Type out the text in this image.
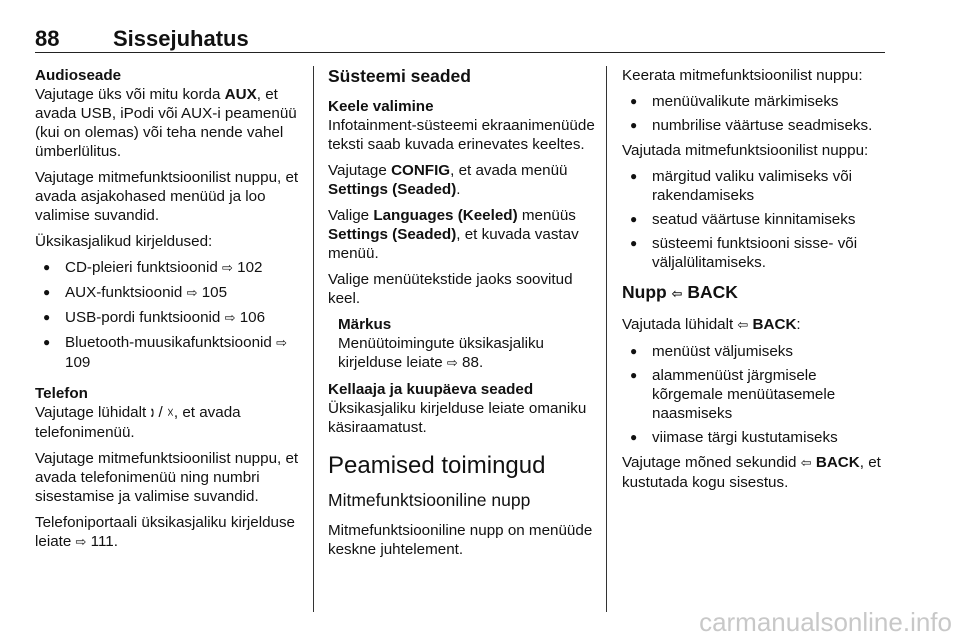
88 Sissejuhatus

Audioseade

Vajutage üks või mitu korda AUX, et avada USB, iPodi või AUX-i peamenüü (kui on olemas) või teha nende vahel ümberlülitus.

Vajutage mitmefunktsioonilist nuppu, et avada asjakohased menüüd ja loo valimise suvandid.

Üksikasjalikud kirjeldused:

● CD-pleieri funktsioonid ⇨ 102
● AUX-funktsioonid ⇨ 105
● USB-pordi funktsioonid ⇨ 106
● Bluetooth-muusikafunktsioonid ⇨ 109

Telefon

Vajutage lühidalt 🕽 / ☓, et avada telefonimenüü.

Vajutage mitmefunktsioonilist nuppu, et avada telefonimenüü ning numbri sisestamise ja valimise suvandid.

Telefoniportaali üksikasjaliku kirjelduse leiate ⇨ 111.

Süsteemi seaded

Keele valimine

Infotainment-süsteemi ekraanimenüüde teksti saab kuvada erinevates keeltes.

Vajutage CONFIG, et avada menüü Settings (Seaded).

Valige Languages (Keeled) menüüs Settings (Seaded), et kuvada vastav menüü.

Valige menüütekstide jaoks soovitud keel.

Märkus
Menüütoimingute üksikasjaliku kirjelduse leiate ⇨ 88.

Kellaaja ja kuupäeva seaded

Üksikasjaliku kirjelduse leiate omaniku käsiraamatust.

Peamised toimingud

Mitmefunktsiooniline nupp

Mitmefunktsiooniline nupp on menüüde keskne juhtelement.

Keerata mitmefunktsioonilist nuppu:

● menüüvalikute märkimiseks
● numbrilise väärtuse seadmiseks.

Vajutada mitmefunktsioonilist nuppu:

● märgitud valiku valimiseks või rakendamiseks
● seatud väärtuse kinnitamiseks
● süsteemi funktsiooni sisse- või väljalülitamiseks.

Nupp ⇦ BACK

Vajutada lühidalt ⇦ BACK:

● menüüst väljumiseks
● alammenüüst järgmisele kõrgemale menüütasemele naasmiseks
● viimase tärgi kustutamiseks

Vajutage mõned sekundid ⇦ BACK, et kustutada kogu sisestus.

carmanualsonline.info
